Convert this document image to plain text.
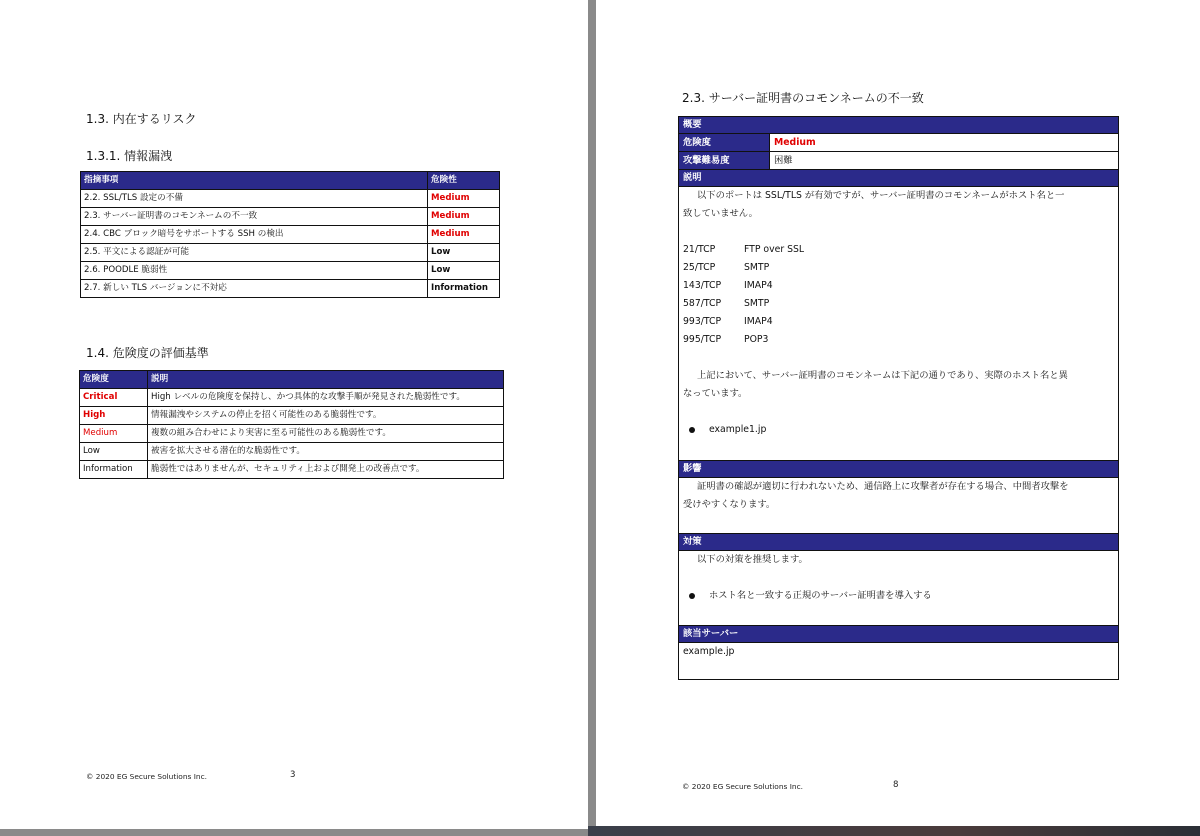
1.3. 内在するリスク
1.3.1. 情報漏洩
指摘事項	危険性
2.2. SSL/TLS 設定の不備	Medium
2.3. サーバー証明書のコモンネームの不一致	Medium
2.4. CBC ブロック暗号をサポートする SSH の検出	Medium
2.5. 平文による認証が可能	Low
2.6. POODLE 脆弱性	Low
2.7. 新しい TLS バージョンに不対応	Information
1.4. 危険度の評価基準
危険度	説明
Critical	High レベルの危険度を保持し、かつ具体的な攻撃手順が発見された脆弱性です。
High	情報漏洩やシステムの停止を招く可能性のある脆弱性です。
Medium	複数の組み合わせにより実害に至る可能性のある脆弱性です。
Low	被害を拡大させる潜在的な脆弱性です。
Information	脆弱性ではありませんが、セキュリティ上および開発上の改善点です。
© 2020 EG Secure Solutions Inc.	3
2.3. サーバー証明書のコモンネームの不一致
概要
危険度	Medium
攻撃難易度	困難
説明
以下のポートは SSL/TLS が有効ですが、サーバー証明書のコモンネームがホスト名と一
致していません。
21/TCP	FTP over SSL
25/TCP	SMTP
143/TCP	IMAP4
587/TCP	SMTP
993/TCP	IMAP4
995/TCP	POP3
上記において、サーバー証明書のコモンネームは下記の通りであり、実際のホスト名と異
なっています。
example1.jp
影響
証明書の確認が適切に行われないため、通信路上に攻撃者が存在する場合、中間者攻撃を
受けやすくなります。
対策
以下の対策を推奨します。
ホスト名と一致する正規のサーバー証明書を導入する
該当サーバー
example.jp
© 2020 EG Secure Solutions Inc.	8
